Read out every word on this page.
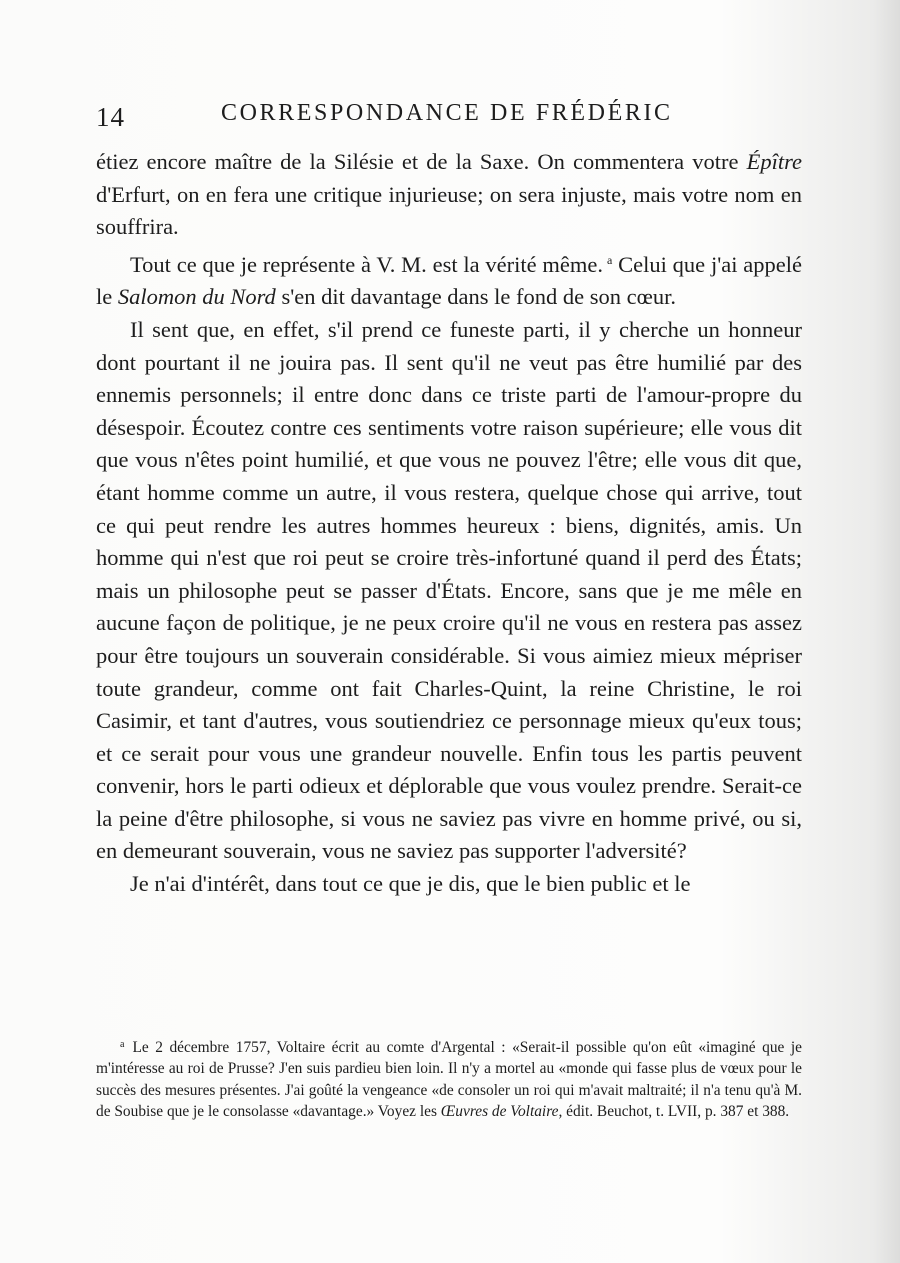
14	CORRESPONDANCE DE FRÉDÉRIC

étiez encore maître de la Silésie et de la Saxe. On commentera votre Épître d'Erfurt, on en fera une critique injurieuse; on sera injuste, mais votre nom en souffrira.

Tout ce que je représente à V. M. est la vérité même. $^a$ Celui que j'ai appelé le Salomon du Nord s'en dit davantage dans le fond de son cœur.

Il sent que, en effet, s'il prend ce funeste parti, il y cherche un honneur dont pourtant il ne jouira pas. Il sent qu'il ne veut pas être humilié par des ennemis personnels; il entre donc dans ce triste parti de l'amour-propre du désespoir. Écoutez contre ces sentiments votre raison supérieure; elle vous dit que vous n'êtes point humilié, et que vous ne pouvez l'être; elle vous dit que, étant homme comme un autre, il vous restera, quelque chose qui arrive, tout ce qui peut rendre les autres hommes heureux : biens, dignités, amis. Un homme qui n'est que roi peut se croire très-infortuné quand il perd des États; mais un philosophe peut se passer d'États. Encore, sans que je me mêle en aucune façon de politique, je ne peux croire qu'il ne vous en restera pas assez pour être toujours un souverain considérable. Si vous aimiez mieux mépriser toute grandeur, comme ont fait Charles-Quint, la reine Christine, le roi Casimir, et tant d'autres, vous soutiendriez ce personnage mieux qu'eux tous; et ce serait pour vous une grandeur nouvelle. Enfin tous les partis peuvent convenir, hors le parti odieux et déplorable que vous voulez prendre. Serait-ce la peine d'être philosophe, si vous ne saviez pas vivre en homme privé, ou si, en demeurant souverain, vous ne saviez pas supporter l'adversité?

Je n'ai d'intérêt, dans tout ce que je dis, que le bien public et le

$^a$ Le 2 décembre 1757, Voltaire écrit au comte d'Argental : «Serait-il possible qu'on eût «imaginé que je m'intéresse au roi de Prusse? J'en suis pardieu bien loin. Il n'y a mortel au «monde qui fasse plus de vœux pour le succès des mesures présentes. J'ai goûté la vengeance «de consoler un roi qui m'avait maltraité; il n'a tenu qu'à M. de Soubise que je le consolasse «davantage.» Voyez les Œuvres de Voltaire, édit. Beuchot, t. LVII, p. 387 et 388.
